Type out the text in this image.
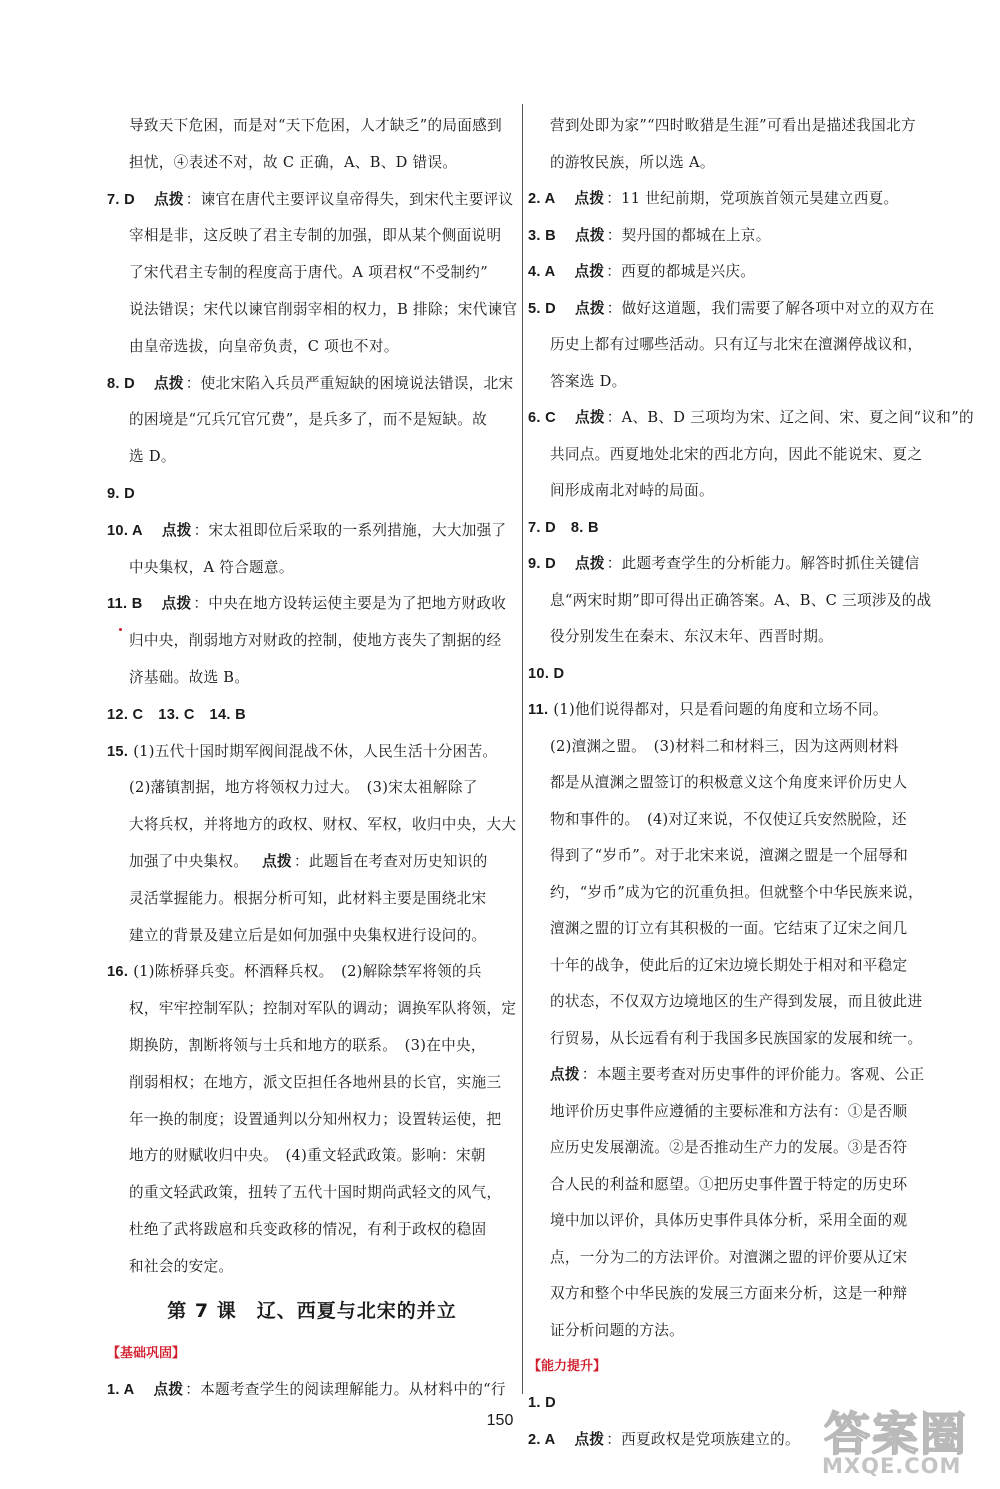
导致天下危困，而是对“天下危困，人才缺乏”的局面感到
担忧，④表述不对，故 C 正确，A、B、D 错误。
7. D 点拨 ：谏官在唐代主要评议皇帝得失，到宋代主要评议
宰相是非，这反映了君主专制的加强，即从某个侧面说明
了宋代君主专制的程度高于唐代。A 项君权“不受制约”
说法错误；宋代以谏官削弱宰相的权力，B 排除；宋代谏官
由皇帝选拔，向皇帝负责，C 项也不对。
8. D 点拨 ：使北宋陷入兵员严重短缺的困境说法错误，北宋
的困境是“冗兵冗官冗费”，是兵多了，而不是短缺。故
选 D。
9. D
10. A 点拨 ：宋太祖即位后采取的一系列措施，大大加强了
中央集权，A 符合题意。
11. B 点拨 ：中央在地方设转运使主要是为了把地方财政收
归中央，削弱地方对财政的控制，使地方丧失了割据的经
济基础。故选 B。
12. C　13. C　14. B
15. (1)五代十国时期军阀间混战不休，人民生活十分困苦。
(2)藩镇割据，地方将领权力过大。　(3)宋太祖解除了
大将兵权，并将地方的政权、财权、军权，收归中央，大大
加强了中央集权。 点拨 ：此题旨在考查对历史知识的
灵活掌握能力。根据分析可知，此材料主要是围绕北宋
建立的背景及建立后是如何加强中央集权进行设问的。
16. (1)陈桥驿兵变。杯酒释兵权。　(2)解除禁军将领的兵
权，牢牢控制军队；控制对军队的调动；调换军队将领，定
期换防，割断将领与士兵和地方的联系。　(3)在中央，
削弱相权；在地方，派文臣担任各地州县的长官，实施三
年一换的制度；设置通判以分知州权力；设置转运使，把
地方的财赋收归中央。　(4)重文轻武政策。影响：宋朝
的重文轻武政策，扭转了五代十国时期尚武轻文的风气，
杜绝了武将跋扈和兵变政移的情况，有利于政权的稳固
和社会的安定。
第 7 课　辽、西夏与北宋的并立
【基础巩固】
1. A 点拨 ：本题考查学生的阅读理解能力。从材料中的“行
营到处即为家”“四时畋猎是生涯”可看出是描述我国北方
的游牧民族，所以选 A。
2. A 点拨 ：11 世纪前期，党项族首领元昊建立西夏。
3. B 点拨 ：契丹国的都城在上京。
4. A 点拨 ：西夏的都城是兴庆。
5. D 点拨 ：做好这道题，我们需要了解各项中对立的双方在
历史上都有过哪些活动。只有辽与北宋在澶渊停战议和，
答案选 D。
6. C 点拨 ：A、B、D 三项均为宋、辽之间、宋、夏之间“议和”的
共同点。西夏地处北宋的西北方向，因此不能说宋、夏之
间形成南北对峙的局面。
7. D　8. B
9. D 点拨 ：此题考查学生的分析能力。解答时抓住关键信
息“两宋时期”即可得出正确答案。A、B、C 三项涉及的战
役分别发生在秦末、东汉末年、西晋时期。
10. D
11. (1)他们说得都对，只是看问题的角度和立场不同。
(2)澶渊之盟。　(3)材料二和材料三，因为这两则材料
都是从澶渊之盟签订的积极意义这个角度来评价历史人
物和事件的。　(4)对辽来说，不仅使辽兵安然脱险，还
得到了“岁币”。对于北宋来说，澶渊之盟是一个屈辱和
约，“岁币”成为它的沉重负担。但就整个中华民族来说，
澶渊之盟的订立有其积极的一面。它结束了辽宋之间几
十年的战争，使此后的辽宋边境长期处于相对和平稳定
的状态，不仅双方边境地区的生产得到发展，而且彼此进
行贸易，从长远看有利于我国多民族国家的发展和统一。
点拨 ：本题主要考查对历史事件的评价能力。客观、公正
地评价历史事件应遵循的主要标准和方法有：①是否顺
应历史发展潮流。②是否推动生产力的发展。③是否符
合人民的利益和愿望。①把历史事件置于特定的历史环
境中加以评价，具体历史事件具体分析，采用全面的观
点，一分为二的方法评价。对澶渊之盟的评价要从辽宋
双方和整个中华民族的发展三方面来分析，这是一种辩
证分析问题的方法。
【能力提升】
1. D
2. A 点拨 ：西夏政权是党项族建立的。
150	答案圈
MXQE.COM
